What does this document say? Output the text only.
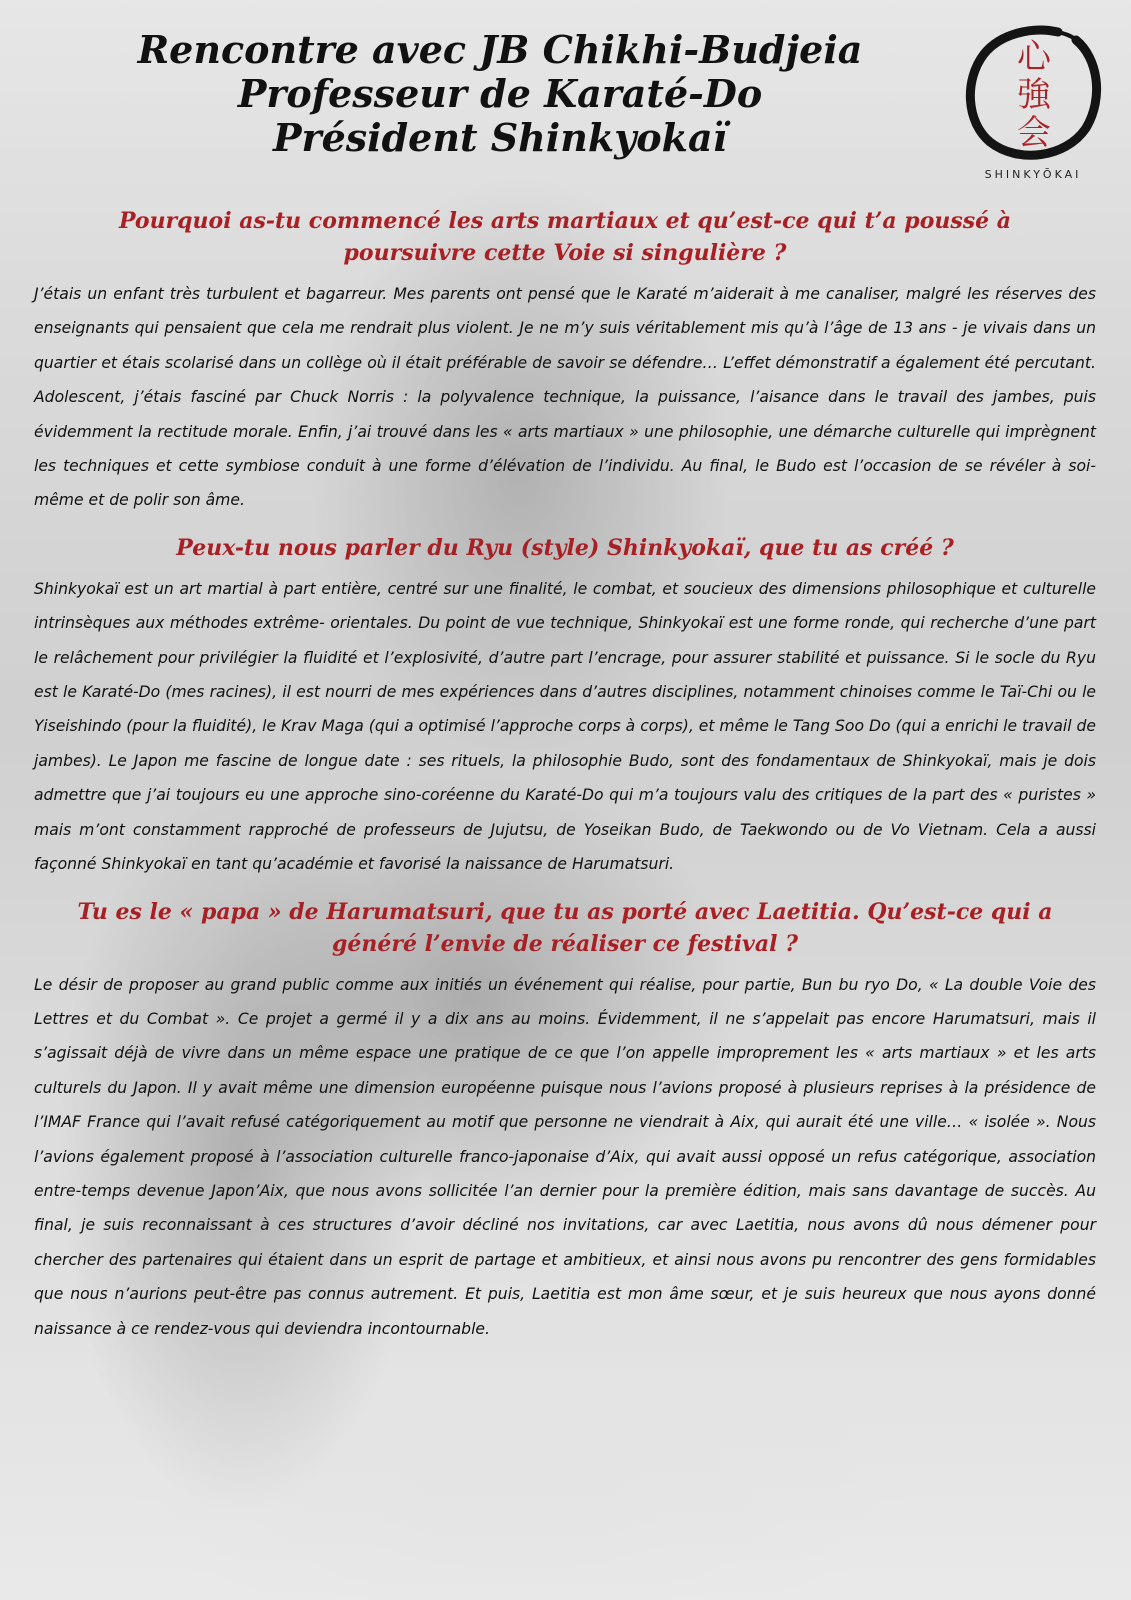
Rencontre avec JB Chikhi-Budjeia
Professeur de Karaté-Do
Président Shinkyokaï
心
強
会
SHINKYŌKAI
Pourquoi as-tu commencé les arts martiaux et qu’est-ce qui t’a poussé à poursuivre cette Voie si singulière ?
J’étais un enfant très turbulent et bagarreur. Mes parents ont pensé que le Karaté m’aiderait à me canaliser, malgré les réserves des enseignants qui pensaient que cela me rendrait plus violent. Je ne m’y suis véritablement mis qu’à l’âge de 13 ans - je vivais dans un quartier et étais scolarisé dans un collège où il était préférable de savoir se défendre… L’effet démonstratif a également été percutant. Adolescent, j’étais fasciné par Chuck Norris : la polyvalence technique, la puissance, l’aisance dans le travail des jambes, puis évidemment la rectitude morale. Enfin, j’ai trouvé dans les « arts martiaux » une philosophie, une démarche culturelle qui imprègnent les techniques et cette symbiose conduit à une forme d’élévation de l’individu. Au final, le Budo est l’occasion de se révéler à soi-même et de polir son âme.
Peux-tu nous parler du Ryu (style) Shinkyokaï, que tu as créé ?
Shinkyokaï est un art martial à part entière, centré sur une finalité, le combat, et soucieux des dimensions philosophique et culturelle intrinsèques aux méthodes extrême- orientales. Du point de vue technique, Shinkyokaï est une forme ronde, qui recherche d’une part le relâchement pour privilégier la fluidité et l’explosivité, d’autre part l’encrage, pour assurer stabilité et puissance. Si le socle du Ryu est le Karaté-Do (mes racines), il est nourri de mes expériences dans d’autres disciplines, notamment chinoises comme le Taï-Chi ou le Yiseishindo (pour la fluidité), le Krav Maga (qui a optimisé l’approche corps à corps), et même le Tang Soo Do (qui a enrichi le travail de jambes). Le Japon me fascine de longue date : ses rituels, la philosophie Budo, sont des fondamentaux de Shinkyokaï, mais je dois admettre que j’ai toujours eu une approche sino-coréenne du Karaté-Do qui m’a toujours valu des critiques de la part des « puristes » mais m’ont constamment rapproché de professeurs de Jujutsu, de Yoseikan Budo, de Taekwondo ou de Vo Vietnam. Cela a aussi façonné Shinkyokaï en tant qu’académie et favorisé la naissance de Harumatsuri.
Tu es le « papa » de Harumatsuri, que tu as porté avec Laetitia. Qu’est-ce qui a généré l’envie de réaliser ce festival ?
Le désir de proposer au grand public comme aux initiés un événement qui réalise, pour partie, Bun bu ryo Do, « La double Voie des Lettres et du Combat ». Ce projet a germé il y a dix ans au moins. Évidemment, il ne s’appelait pas encore Harumatsuri, mais il s’agissait déjà de vivre dans un même espace une pratique de ce que l’on appelle improprement les « arts martiaux » et les arts culturels du Japon. Il y avait même une dimension européenne puisque nous l’avions proposé à plusieurs reprises à la présidence de l’IMAF France qui l’avait refusé catégoriquement au motif que personne ne viendrait à Aix, qui aurait été une ville… « isolée ». Nous l’avions également proposé à l’association culturelle franco-japonaise d’Aix, qui avait aussi opposé un refus catégorique, association entre-temps devenue Japon’Aix, que nous avons sollicitée l’an dernier pour la première édition, mais sans davantage de succès. Au final, je suis reconnaissant à ces structures d’avoir décliné nos invitations, car avec Laetitia, nous avons dû nous démener pour chercher des partenaires qui étaient dans un esprit de partage et ambitieux, et ainsi nous avons pu rencontrer des gens formidables que nous n’aurions peut-être pas connus autrement. Et puis, Laetitia est mon âme sœur, et je suis heureux que nous ayons donné naissance à ce rendez-vous qui deviendra incontournable.
